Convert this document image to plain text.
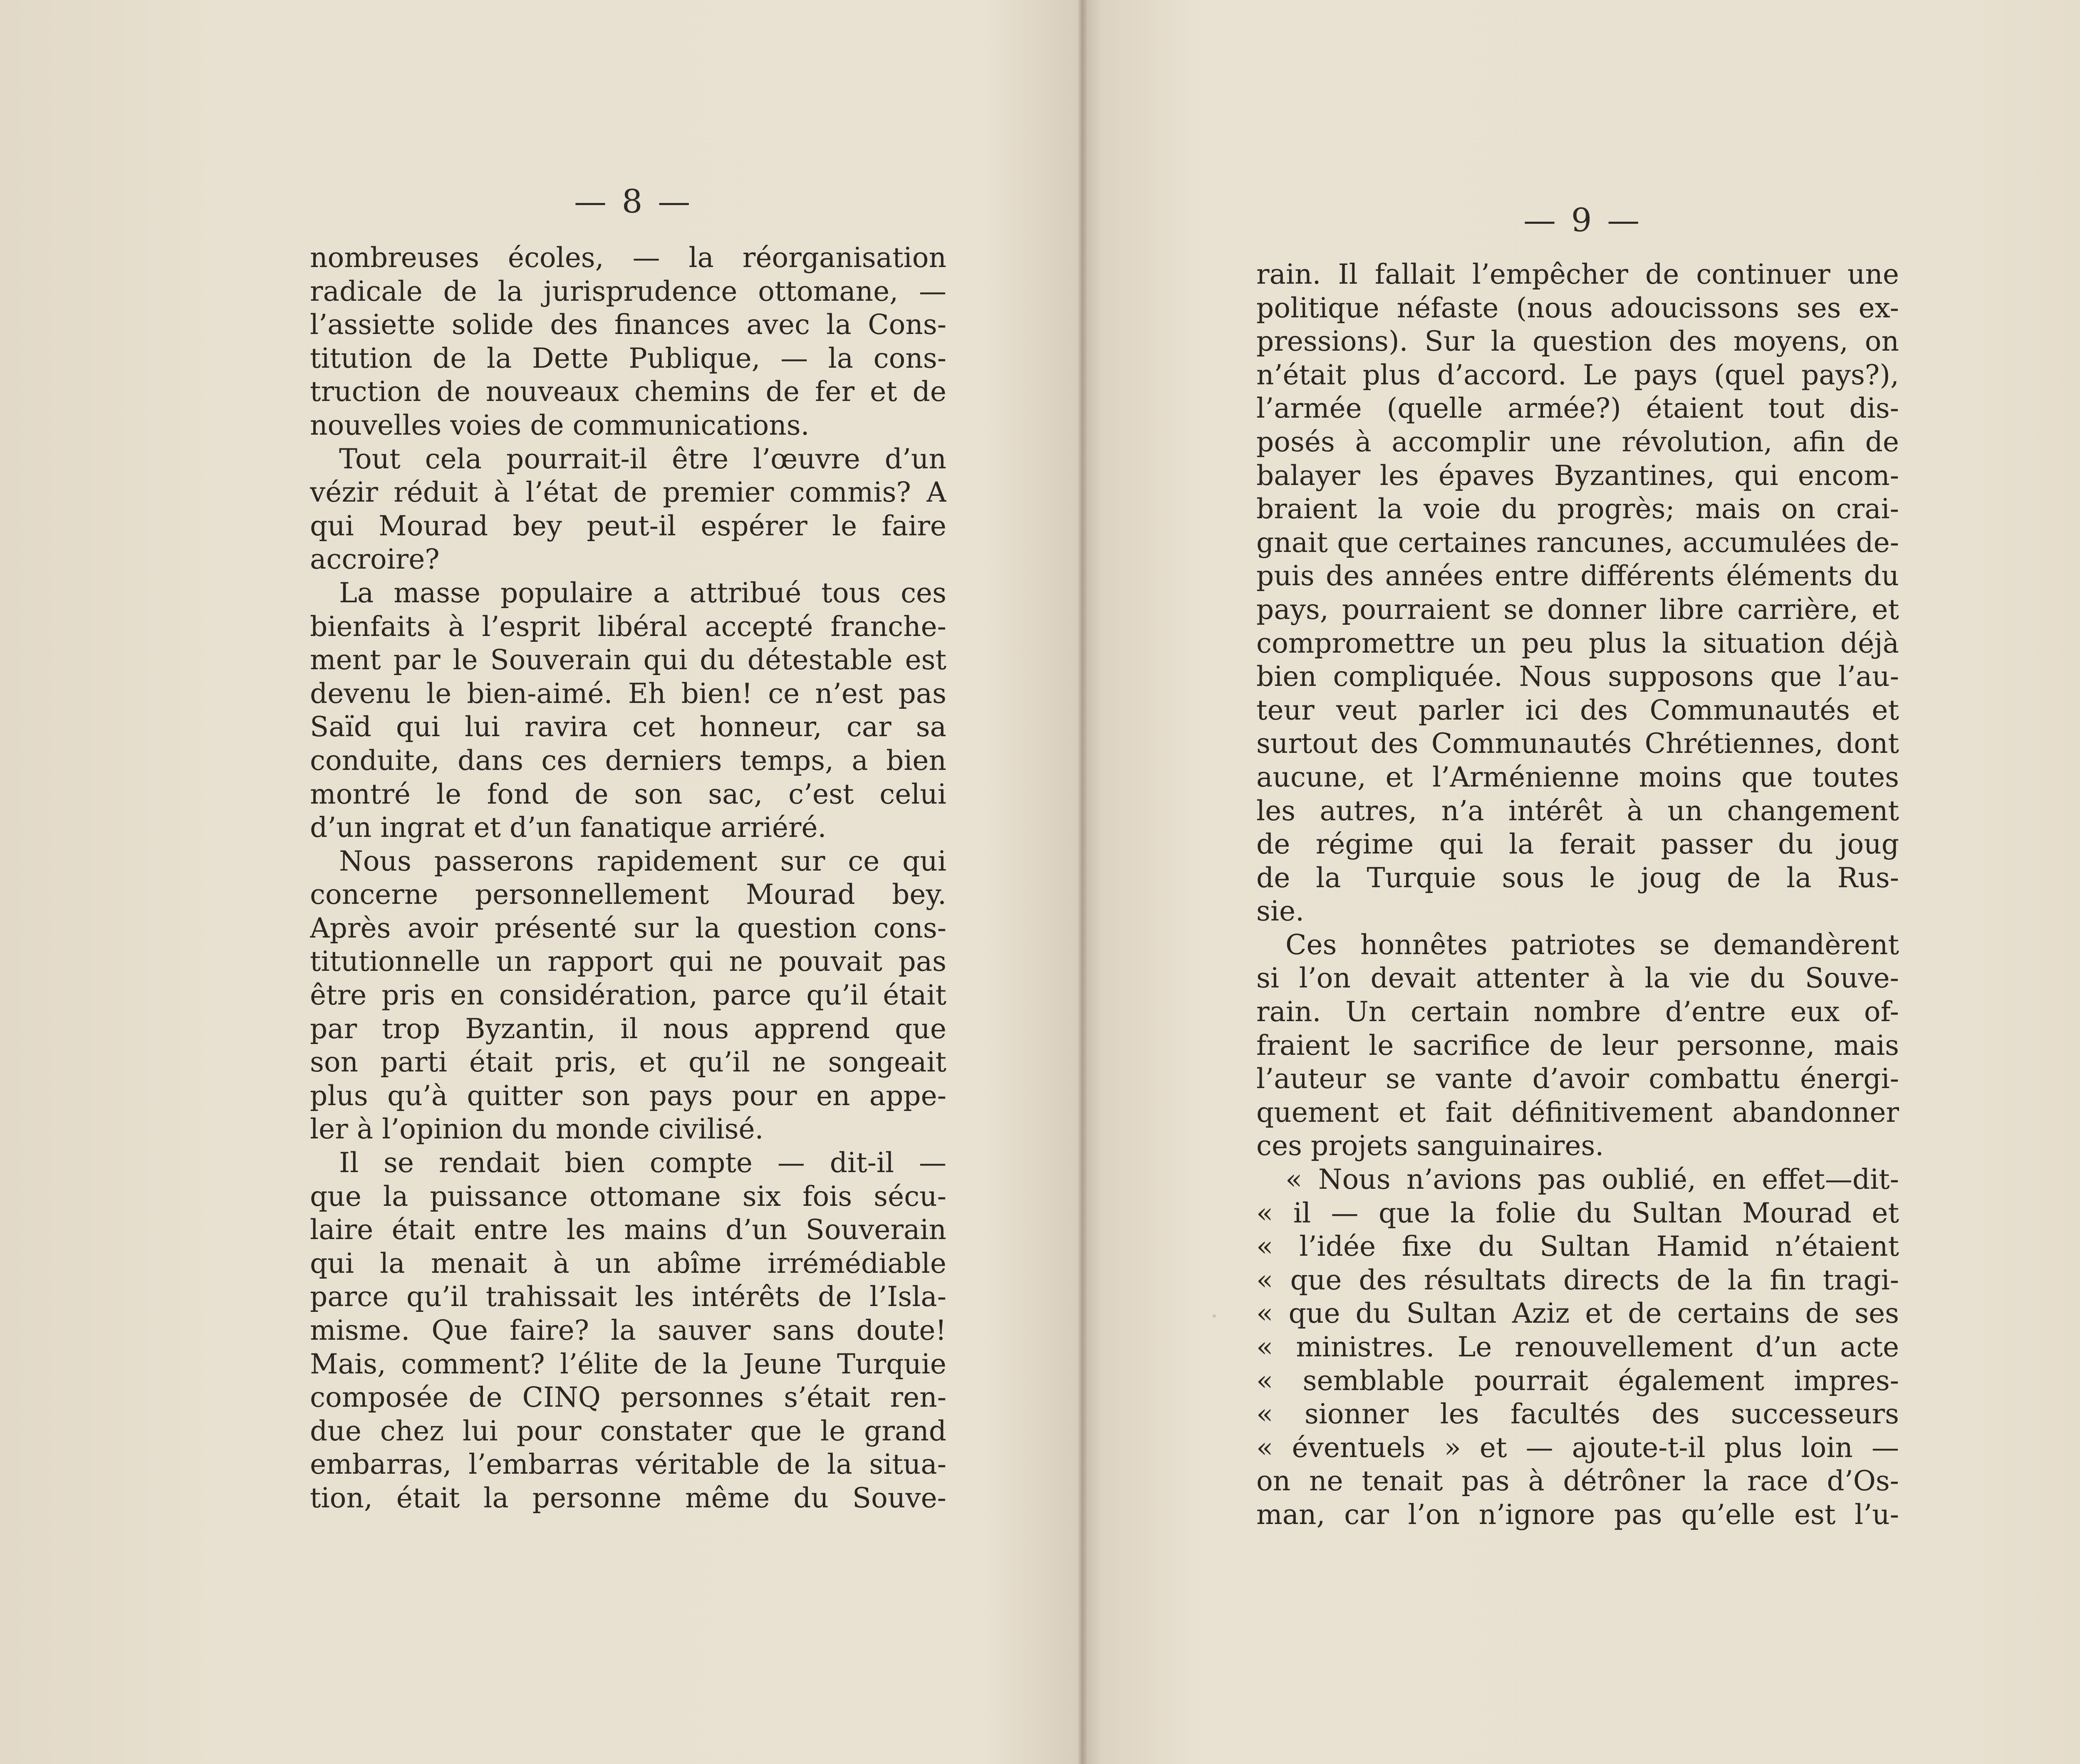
— 8 —
nombreuses écoles, — la réorganisation
radicale de la jurisprudence ottomane, —
l’assiette solide des finances avec la Cons-
titution de la Dette Publique, — la cons-
truction de nouveaux chemins de fer et de
nouvelles voies de communications.
Tout cela pourrait-il être l’œuvre d’un
vézir réduit à l’état de premier commis? A
qui Mourad bey peut-il espérer le faire
accroire?
La masse populaire a attribué tous ces
bienfaits à l’esprit libéral accepté franche-
ment par le Souverain qui du détestable est
devenu le bien-aimé. Eh bien! ce n’est pas
Saïd qui lui ravira cet honneur, car sa
conduite, dans ces derniers temps, a bien
montré le fond de son sac, c’est celui
d’un ingrat et d’un fanatique arriéré.
Nous passerons rapidement sur ce qui
concerne personnellement Mourad bey.
Après avoir présenté sur la question cons-
titutionnelle un rapport qui ne pouvait pas
être pris en considération, parce qu’il était
par trop Byzantin, il nous apprend que
son parti était pris, et qu’il ne songeait
plus qu’à quitter son pays pour en appe-
ler à l’opinion du monde civilisé.
Il se rendait bien compte — dit-il —
que la puissance ottomane six fois sécu-
laire était entre les mains d’un Souverain
qui la menait à un abîme irrémédiable
parce qu’il trahissait les intérêts de l’Isla-
misme. Que faire? la sauver sans doute!
Mais, comment? l’élite de la Jeune Turquie
composée de CINQ personnes s’était ren-
due chez lui pour constater que le grand
embarras, l’embarras véritable de la situa-
tion, était la personne même du Souve-
— 9 —
rain. Il fallait l’empêcher de continuer une
politique néfaste (nous adoucissons ses ex-
pressions). Sur la question des moyens, on
n’était plus d’accord. Le pays (quel pays?),
l’armée (quelle armée?) étaient tout dis-
posés à accomplir une révolution, afin de
balayer les épaves Byzantines, qui encom-
braient la voie du progrès; mais on crai-
gnait que certaines rancunes, accumulées de-
puis des années entre différents éléments du
pays, pourraient se donner libre carrière, et
compromettre un peu plus la situation déjà
bien compliquée. Nous supposons que l’au-
teur veut parler ici des Communautés et
surtout des Communautés Chrétiennes, dont
aucune, et l’Arménienne moins que toutes
les autres, n’a intérêt à un changement
de régime qui la ferait passer du joug
de la Turquie sous le joug de la Rus-
sie.
Ces honnêtes patriotes se demandèrent
si l’on devait attenter à la vie du Souve-
rain. Un certain nombre d’entre eux of-
fraient le sacrifice de leur personne, mais
l’auteur se vante d’avoir combattu énergi-
quement et fait définitivement abandonner
ces projets sanguinaires.
« Nous n’avions pas oublié, en effet—dit-
« il — que la folie du Sultan Mourad et
« l’idée fixe du Sultan Hamid n’étaient
« que des résultats directs de la fin tragi-
« que du Sultan Aziz et de certains de ses
« ministres. Le renouvellement d’un acte
« semblable pourrait également impres-
« sionner les facultés des successeurs
« éventuels » et — ajoute-t-il plus loin —
on ne tenait pas à détrôner la race d’Os-
man, car l’on n’ignore pas qu’elle est l’u-
